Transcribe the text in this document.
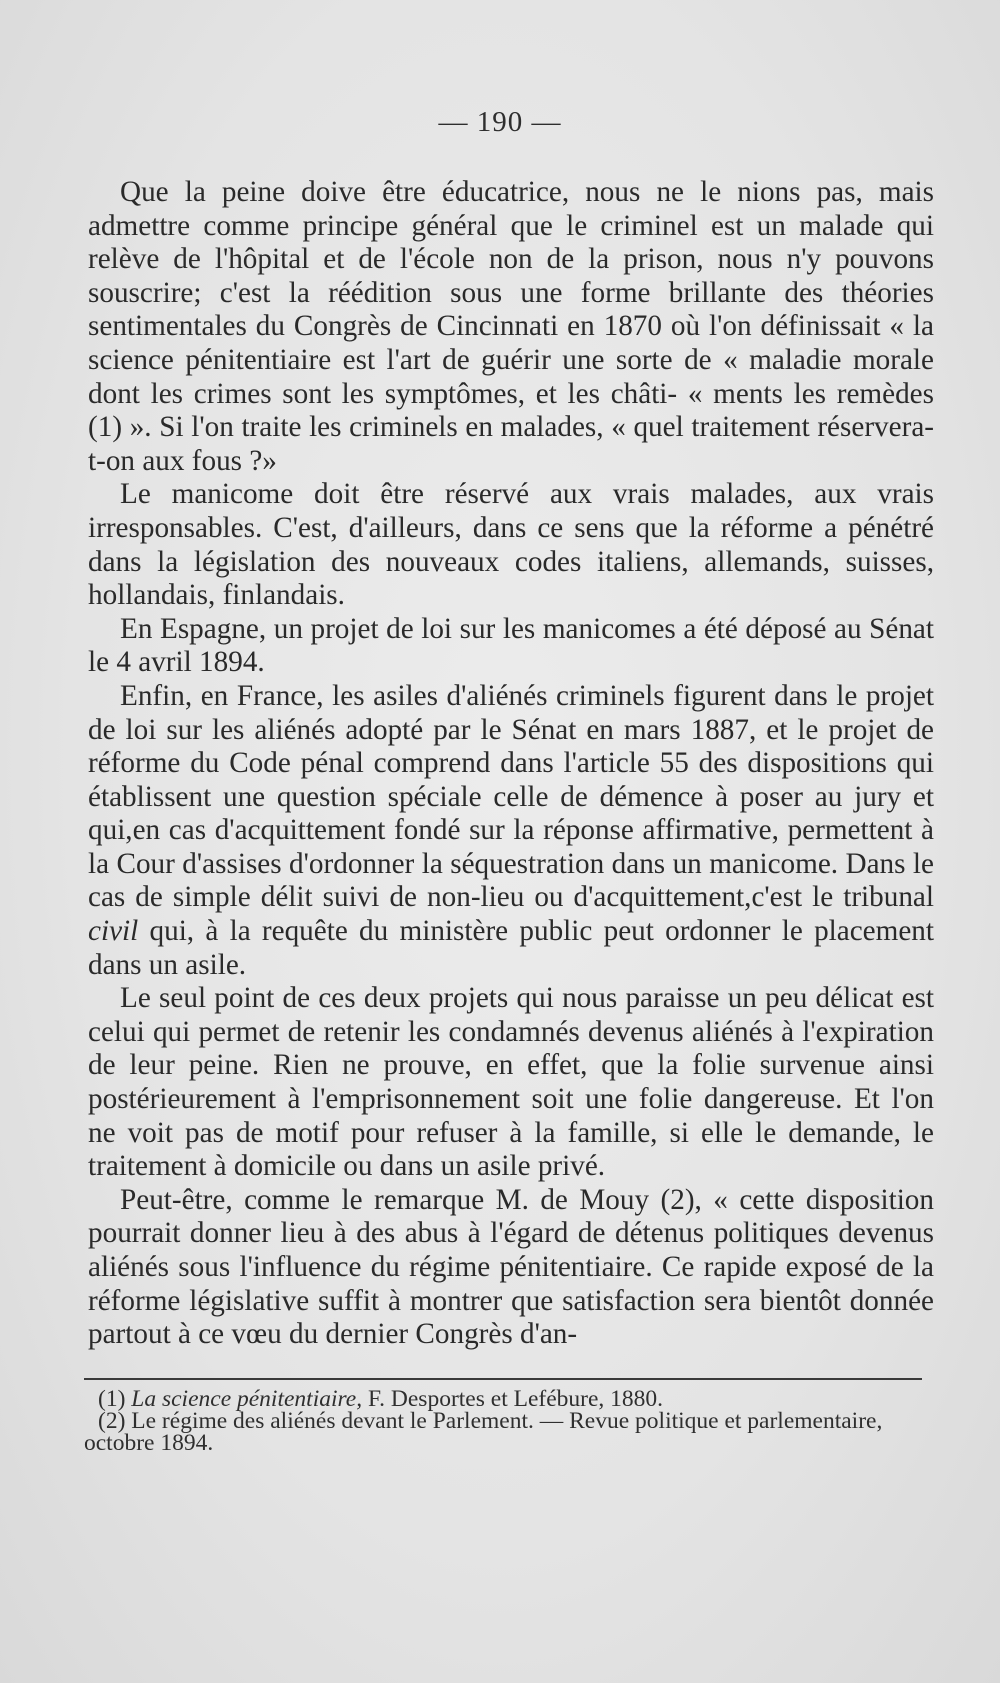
— 190 —

Que la peine doive être éducatrice, nous ne le nions pas, mais admettre comme principe général que le criminel est un malade qui relève de l'hôpital et de l'école non de la prison, nous n'y pouvons souscrire; c'est la réédition sous une forme brillante des théories sentimentales du Congrès de Cincinnati en 1870 où l'on définissait « la science pénitentiaire est l'art de guérir une sorte de « maladie morale dont les crimes sont les symptômes, et les châti- « ments les remèdes (1) ». Si l'on traite les criminels en malades, « quel traitement réservera-t-on aux fous ?»

Le manicome doit être réservé aux vrais malades, aux vrais irresponsables. C'est, d'ailleurs, dans ce sens que la réforme a pénétré dans la législation des nouveaux codes italiens, allemands, suisses, hollandais, finlandais.

En Espagne, un projet de loi sur les manicomes a été déposé au Sénat le 4 avril 1894.

Enfin, en France, les asiles d'aliénés criminels figurent dans le projet de loi sur les aliénés adopté par le Sénat en mars 1887, et le projet de réforme du Code pénal comprend dans l'article 55 des dispositions qui établissent une question spéciale celle de démence à poser au jury et qui,en cas d'acquittement fondé sur la réponse affirmative, permettent à la Cour d'assises d'ordonner la séquestration dans un manicome. Dans le cas de simple délit suivi de non-lieu ou d'acquittement,c'est le tribunal civil qui, à la requête du ministère public peut ordonner le placement dans un asile.

Le seul point de ces deux projets qui nous paraisse un peu délicat est celui qui permet de retenir les condamnés devenus aliénés à l'expiration de leur peine. Rien ne prouve, en effet, que la folie survenue ainsi postérieurement à l'emprisonnement soit une folie dangereuse. Et l'on ne voit pas de motif pour refuser à la famille, si elle le demande, le traitement à domicile ou dans un asile privé.

Peut-être, comme le remarque M. de Mouy (2), « cette disposition pourrait donner lieu à des abus à l'égard de détenus politiques devenus aliénés sous l'influence du régime pénitentiaire. Ce rapide exposé de la réforme législative suffit à montrer que satisfaction sera bientôt donnée partout à ce vœu du dernier Congrès d'an-

(1) La science pénitentiaire, F. Desportes et Lefébure, 1880.

(2) Le régime des aliénés devant le Parlement. — Revue politique et parlementaire, octobre 1894.
